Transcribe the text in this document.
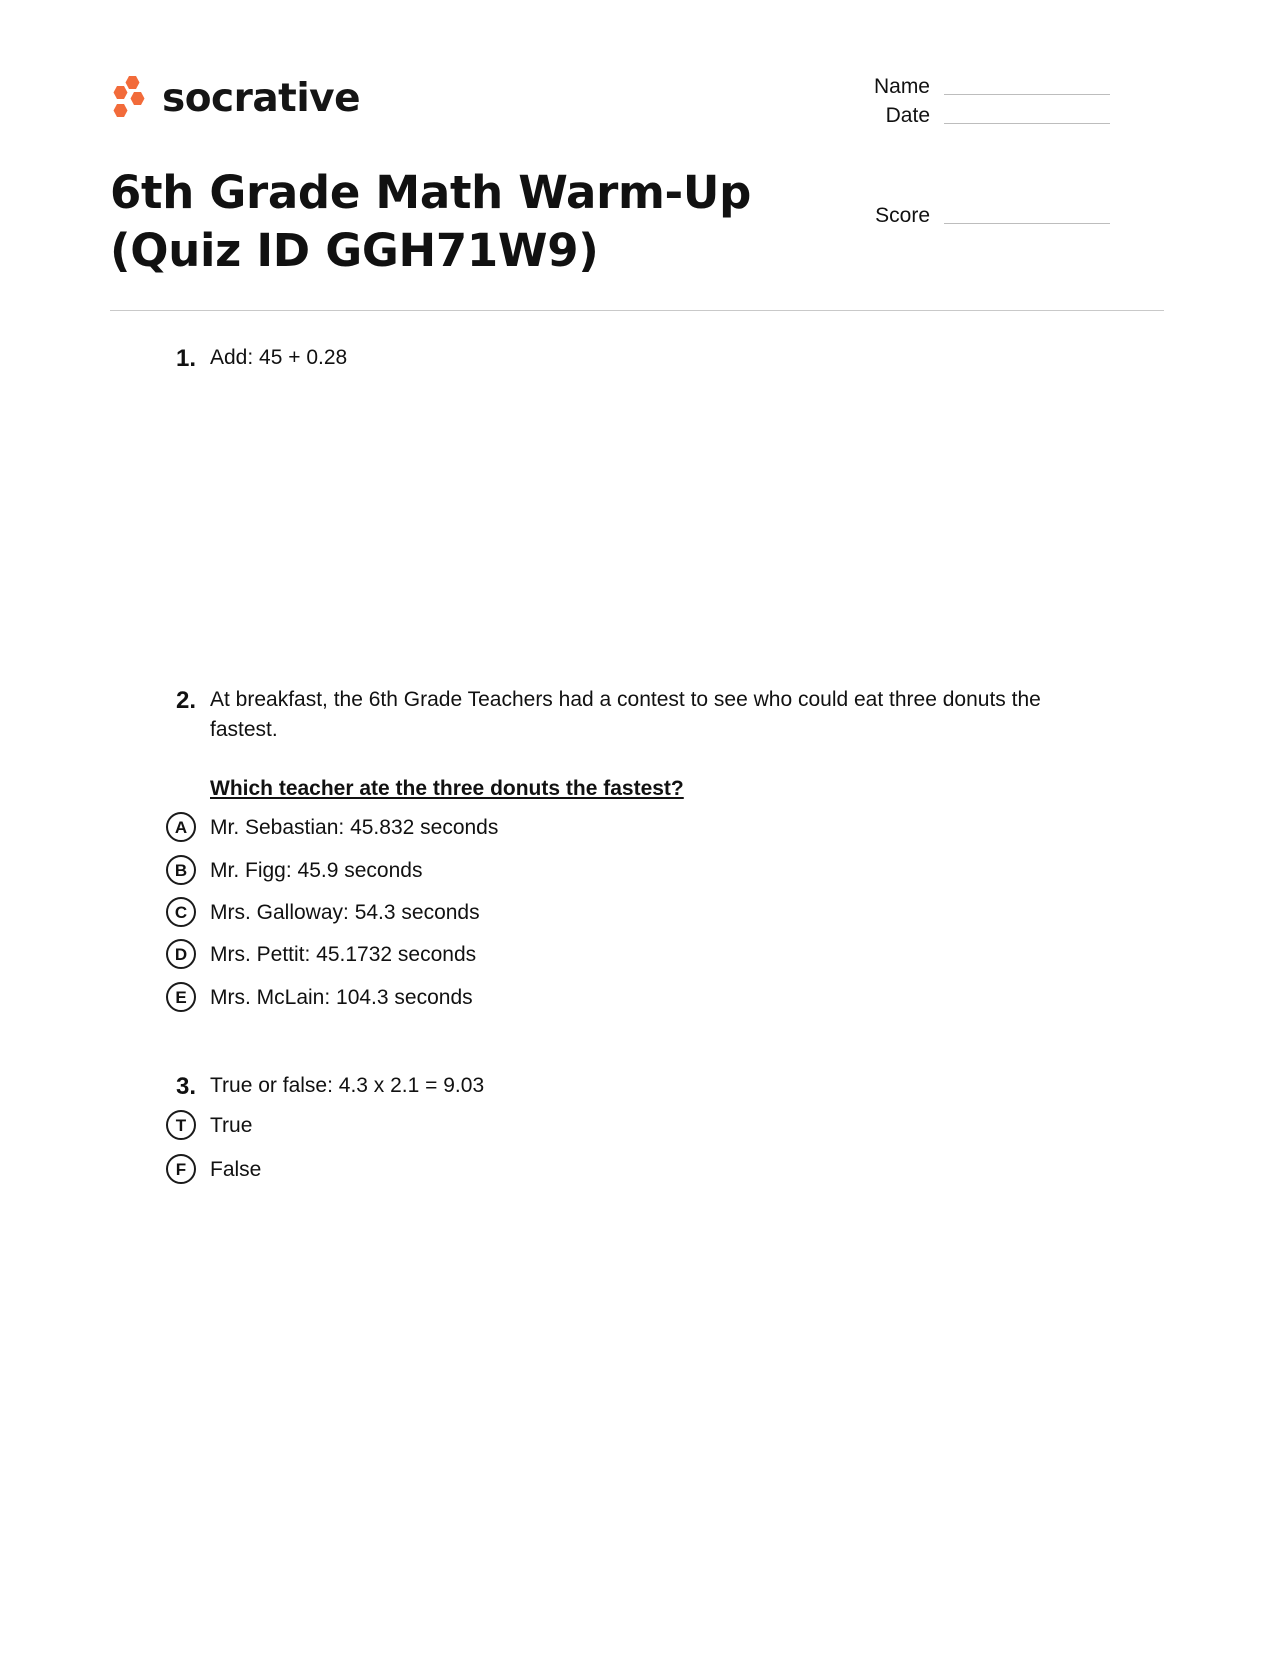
socrative	Name
Date
Score
6th Grade Math Warm-Up (Quiz ID GGH71W9)
1. Add: 45 + 0.28
2. At breakfast, the 6th Grade Teachers had a contest to see who could eat three donuts the fastest.
Which teacher ate the three donuts the fastest?
A	Mr. Sebastian: 45.832 seconds
B	Mr. Figg: 45.9 seconds
C	Mrs. Galloway: 54.3 seconds
D	Mrs. Pettit: 45.1732 seconds
E	Mrs. McLain: 104.3 seconds
3. True or false: 4.3 x 2.1 = 9.03
T	True
F	False
